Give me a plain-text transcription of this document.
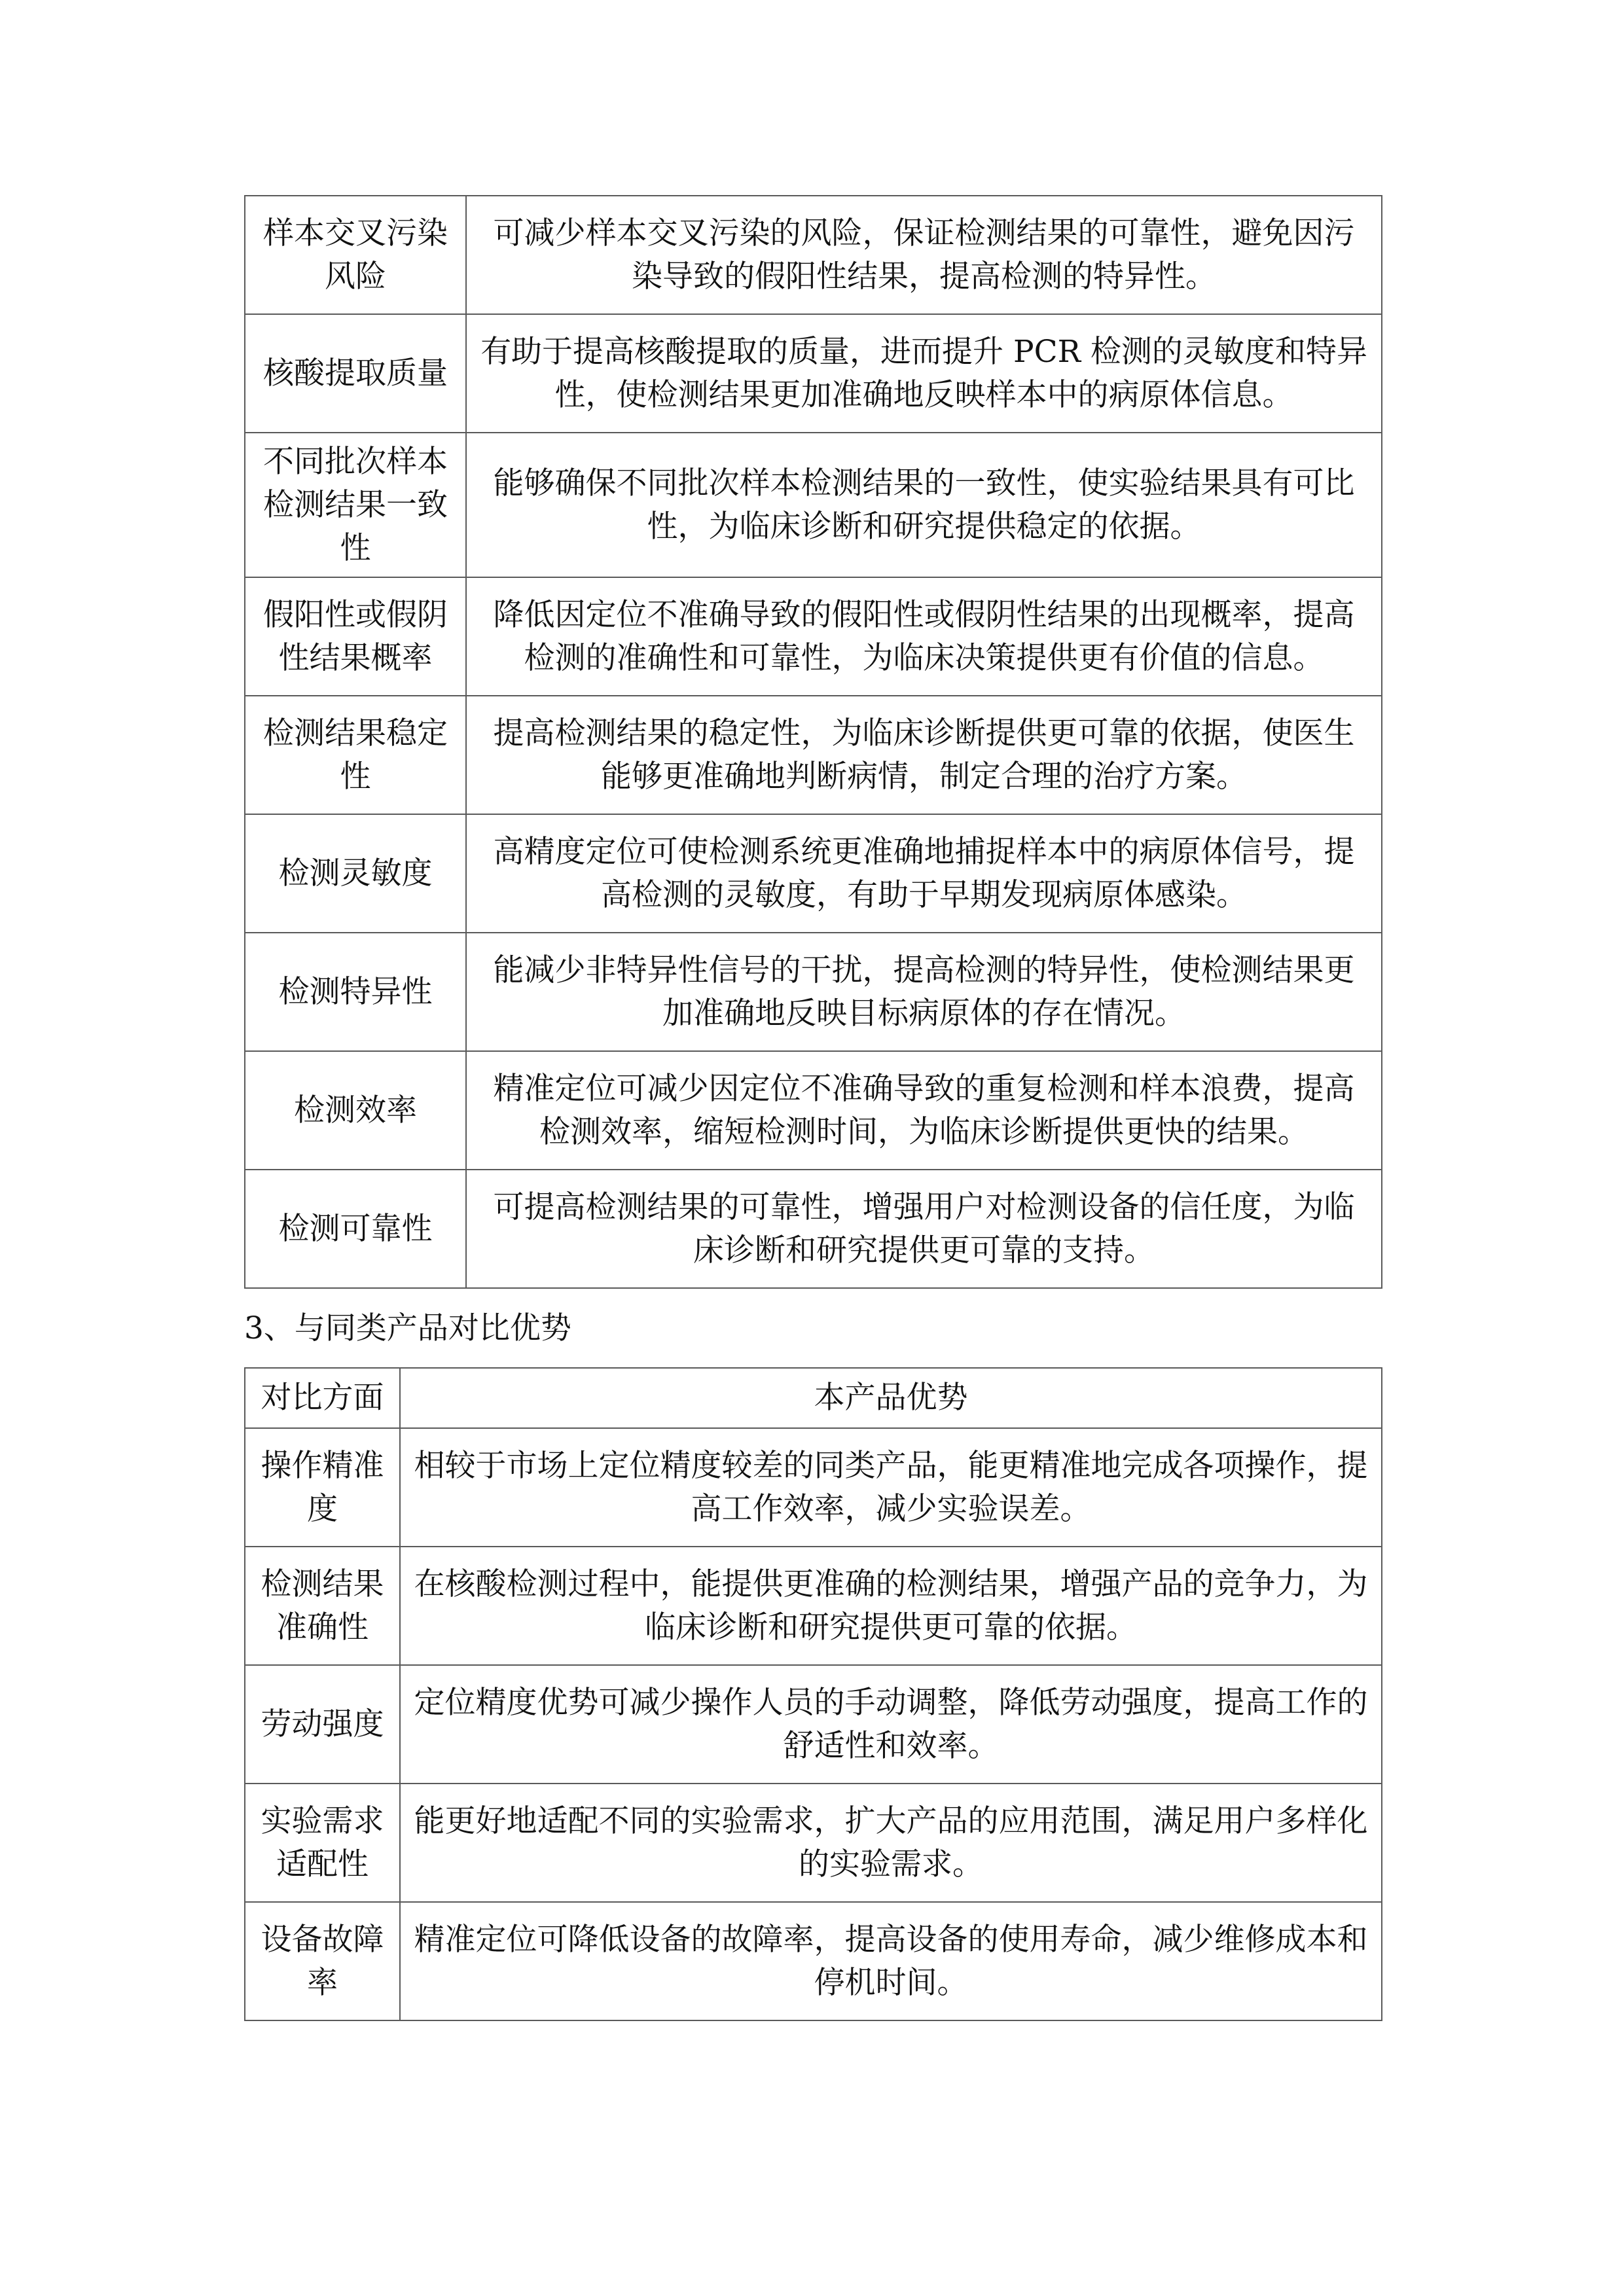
样本交叉污染风险	可减少样本交叉污染的风险，保证检测结果的可靠性，避免因污染导致的假阳性结果，提高检测的特异性。
核酸提取质量	有助于提高核酸提取的质量，进而提升 PCR 检测的灵敏度和特异性，使检测结果更加准确地反映样本中的病原体信息。
不同批次样本检测结果一致性	能够确保不同批次样本检测结果的一致性，使实验结果具有可比性，为临床诊断和研究提供稳定的依据。
假阳性或假阴性结果概率	降低因定位不准确导致的假阳性或假阴性结果的出现概率，提高检测的准确性和可靠性，为临床决策提供更有价值的信息。
检测结果稳定性	提高检测结果的稳定性，为临床诊断提供更可靠的依据，使医生能够更准确地判断病情，制定合理的治疗方案。
检测灵敏度	高精度定位可使检测系统更准确地捕捉样本中的病原体信号，提高检测的灵敏度，有助于早期发现病原体感染。
检测特异性	能减少非特异性信号的干扰，提高检测的特异性，使检测结果更加准确地反映目标病原体的存在情况。
检测效率	精准定位可减少因定位不准确导致的重复检测和样本浪费，提高检测效率，缩短检测时间，为临床诊断提供更快的结果。
检测可靠性	可提高检测结果的可靠性，增强用户对检测设备的信任度，为临床诊断和研究提供更可靠的支持。
3、与同类产品对比优势
对比方面	本产品优势
操作精准度	相较于市场上定位精度较差的同类产品，能更精准地完成各项操作，提高工作效率，减少实验误差。
检测结果准确性	在核酸检测过程中，能提供更准确的检测结果，增强产品的竞争力，为临床诊断和研究提供更可靠的依据。
劳动强度	定位精度优势可减少操作人员的手动调整，降低劳动强度，提高工作的舒适性和效率。
实验需求适配性	能更好地适配不同的实验需求，扩大产品的应用范围，满足用户多样化的实验需求。
设备故障率	精准定位可降低设备的故障率，提高设备的使用寿命，减少维修成本和停机时间。
